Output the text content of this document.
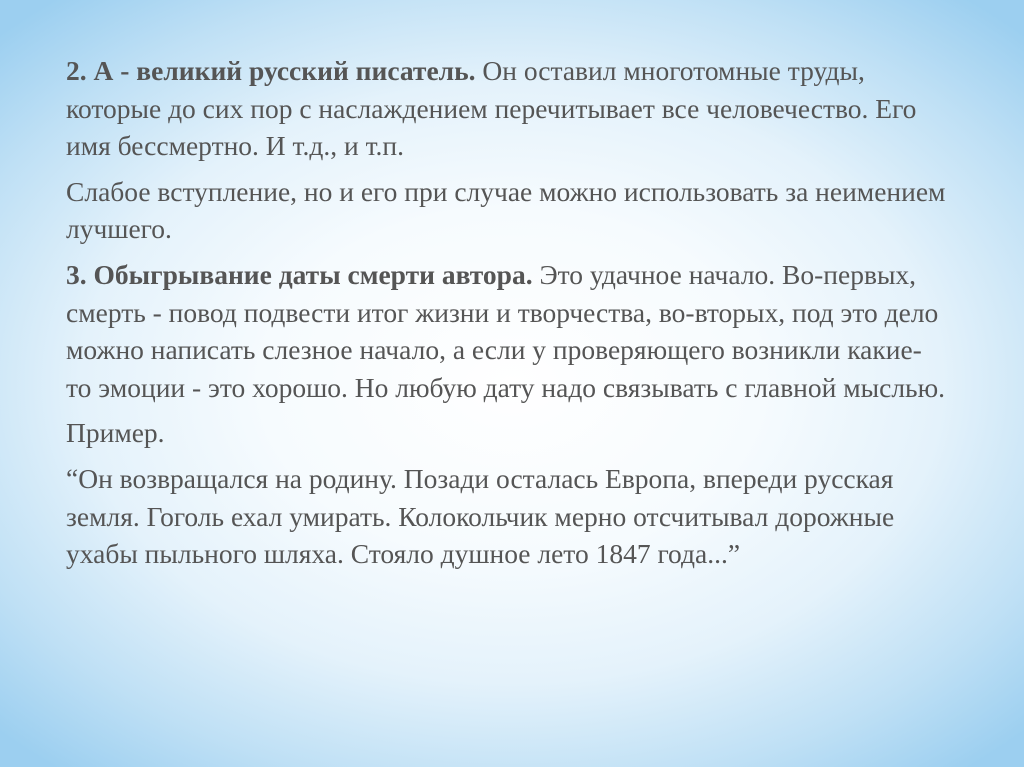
2. А - великий русский писатель. Он оставил многотомные труды, которые до сих пор с наслаждением перечитывает все человечество. Его имя бессмертно. И т.д., и т.п.

Слабое вступление, но и его при случае можно использовать за неимением лучшего.

3. Обыгрывание даты смерти автора. Это удачное начало. Во-первых, смерть - повод подвести итог жизни и творчества, во-вторых, под это дело можно написать слезное начало, а если у проверяющего возникли какие-то эмоции - это хорошо. Но любую дату надо связывать с главной мыслью.

Пример.

“Он возвращался на родину. Позади осталась Европа, впереди русская земля. Гоголь ехал умирать. Колокольчик мерно отсчитывал дорожные ухабы пыльного шляха. Стояло душное лето 1847 года...”
